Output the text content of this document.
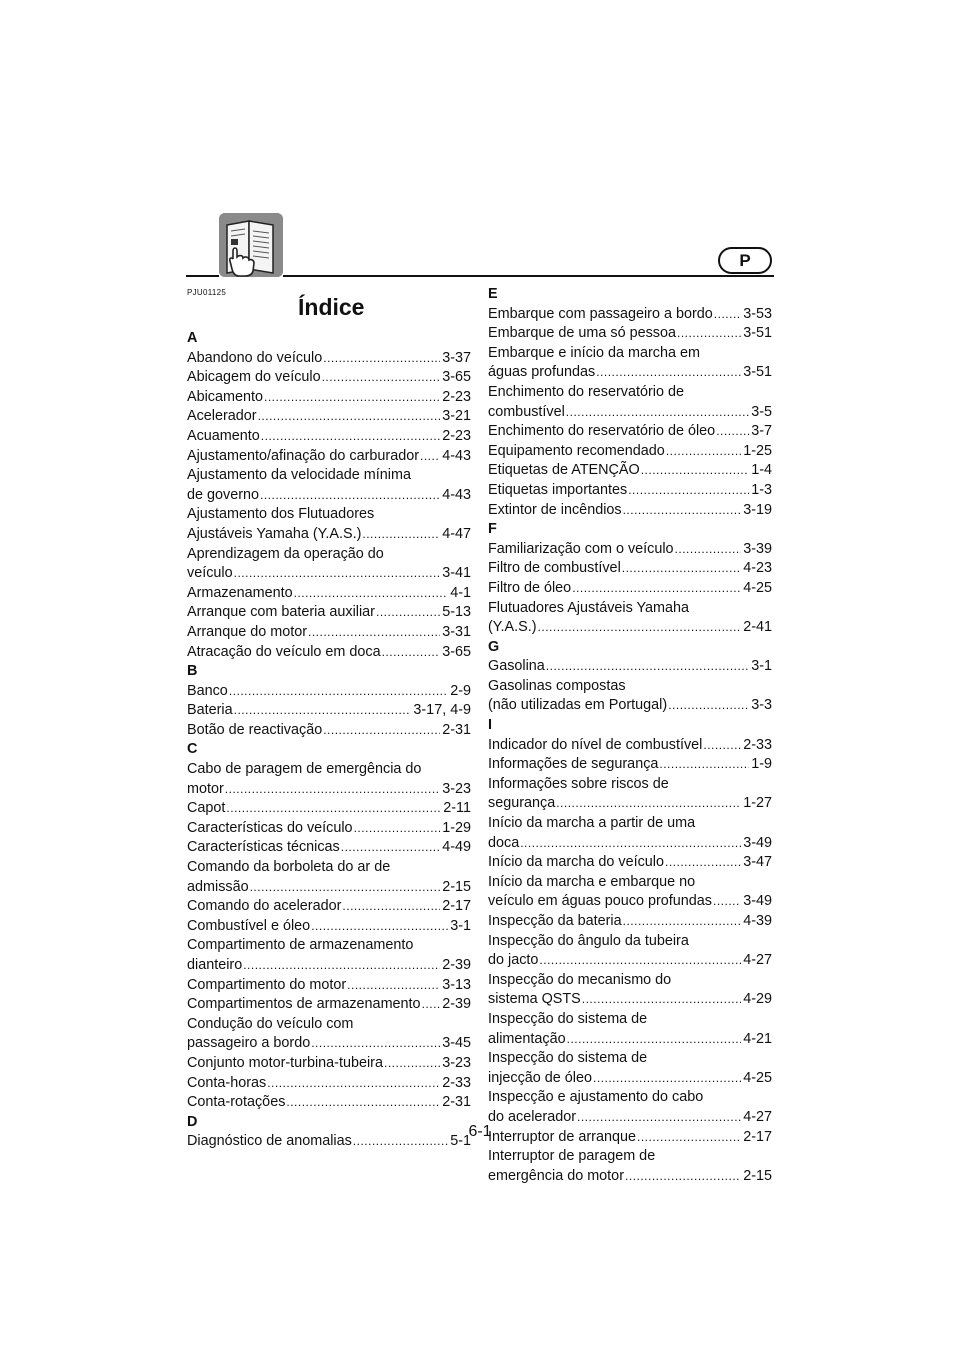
P
PJU01125
Índice
A
Abandono do veículo .....	3-37
Abicagem do veículo .....	3-65
Abicamento .....	2-23
Acelerador .....	3-21
Acuamento .....	2-23
Ajustamento/afinação do carburador ..... 4-43
Ajustamento da velocidade mínima
de governo .....	4-43
Ajustamento dos Flutuadores
Ajustáveis Yamaha (Y.A.S.) .....	4-47
Aprendizagem da operação do
veículo .....	3-41
Armazenamento .....	4-1
Arranque com bateria auxiliar .....	5-13
Arranque do motor .....	3-31
Atracação do veículo em doca .....	3-65
B
Banco .....	2-9
Bateria .....	3-17, 4-9
Botão de reactivação .....	2-31
C
Cabo de paragem de emergência do
motor .....	3-23
Capot .....	2-11
Características do veículo .....	1-29
Características técnicas .....	4-49
Comando da borboleta do ar de
admissão .....	2-15
Comando do acelerador .....	2-17
Combustível e óleo .....	3-1
Compartimento de armazenamento
dianteiro .....	2-39
Compartimento do motor .....	3-13
Compartimentos de armazenamento ..... 2-39
Condução do veículo com
passageiro a bordo .....	3-45
Conjunto motor-turbina-tubeira .....	3-23
Conta-horas .....	2-33
Conta-rotações .....	2-31
D
Diagnóstico de anomalias .....	5-1
E
Embarque com passageiro a bordo ..... 3-53
Embarque de uma só pessoa .....	3-51
Embarque e início da marcha em
águas profundas .....	3-51
Enchimento do reservatório de
combustível .....	3-5
Enchimento do reservatório de óleo .....	3-7
Equipamento recomendado .....	1-25
Etiquetas de ATENÇÃO .....	1-4
Etiquetas importantes .....	1-3
Extintor de incêndios .....	3-19
F
Familiarização com o veículo .....	3-39
Filtro de combustível .....	4-23
Filtro de óleo .....	4-25
Flutuadores Ajustáveis Yamaha
(Y.A.S.) .....	2-41
G
Gasolina .....	3-1
Gasolinas compostas
(não utilizadas em Portugal) .....	3-3
I
Indicador do nível de combustível .....	2-33
Informações de segurança .....	1-9
Informações sobre riscos de
segurança .....	1-27
Início da marcha a partir de uma
doca .....	3-49
Início da marcha do veículo .....	3-47
Início da marcha e embarque no
veículo em águas pouco profundas ..... 3-49
Inspecção da bateria .....	4-39
Inspecção do ângulo da tubeira
do jacto .....	4-27
Inspecção do mecanismo do
sistema QSTS .....	4-29
Inspecção do sistema de
alimentação .....	4-21
Inspecção do sistema de
injecção de óleo .....	4-25
Inspecção e ajustamento do cabo
do acelerador .....	4-27
Interruptor de arranque .....	2-17
Interruptor de paragem de
emergência do motor .....	2-15
6-1
